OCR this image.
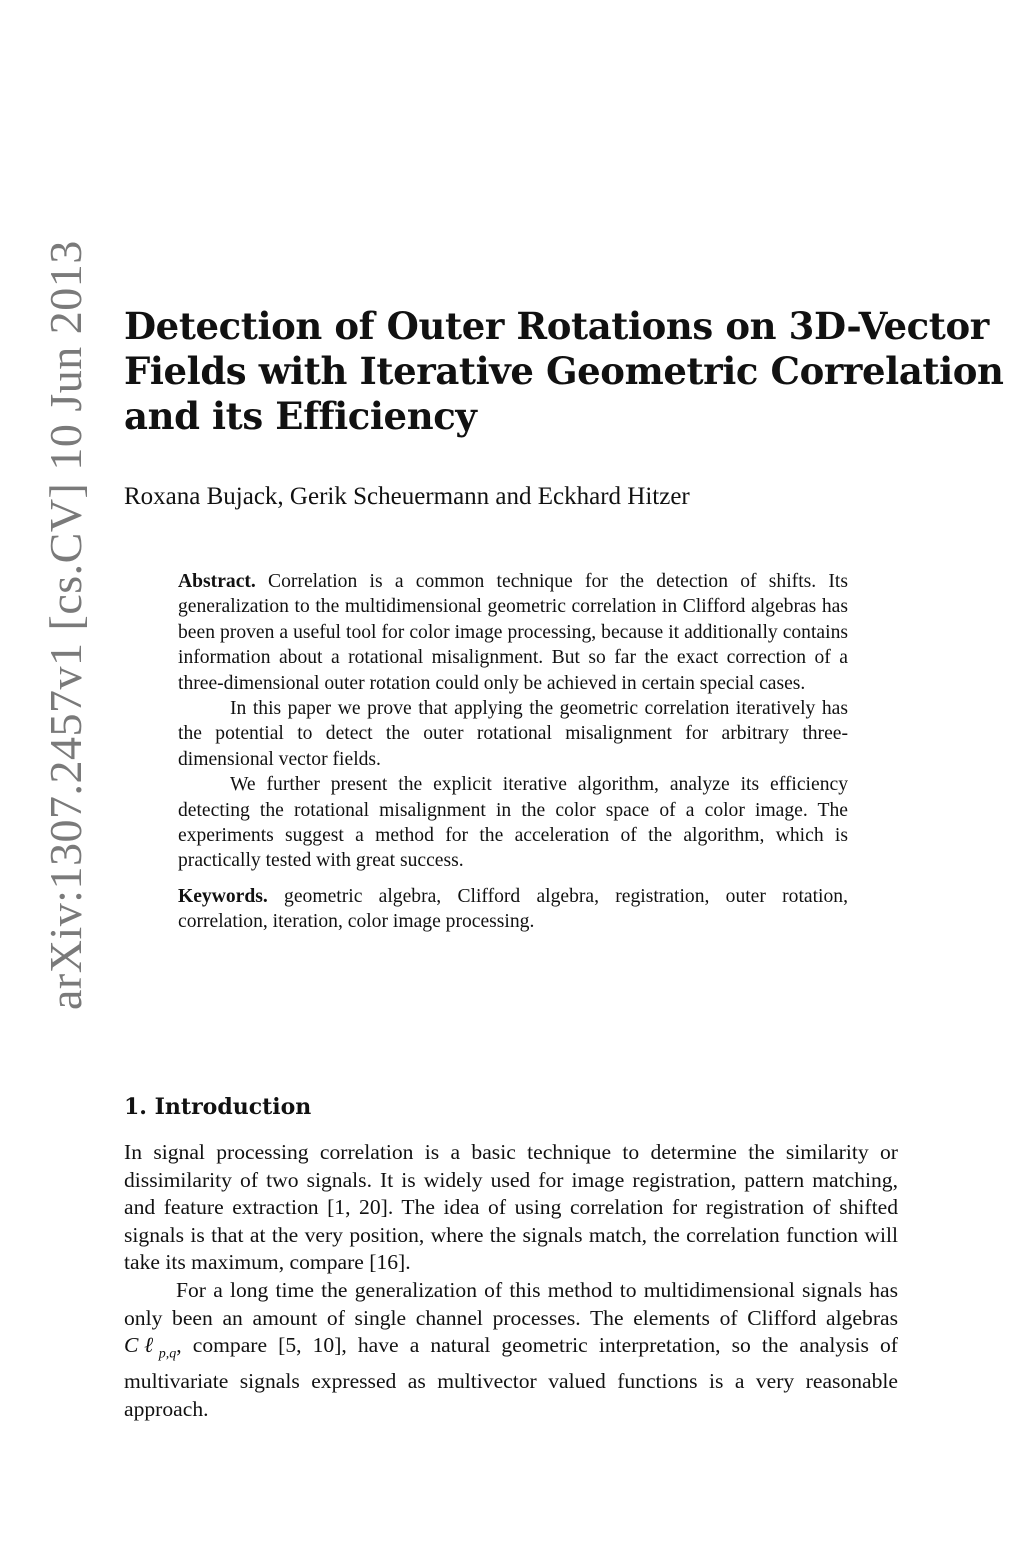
arXiv:1307.2457v1 [cs.CV] 10 Jun 2013 Detection of Outer Rotations on 3D-Vector
Fields with Iterative Geometric Correlation
and its Efficiency
Roxana Bujack, Gerik Scheuermann and Eckhard Hitzer

Abstract. Correlation is a common technique for the detection of shifts. Its generalization to the multidimensional geometric correlation in Clifford algebras has been proven a useful tool for color image processing, because it additionally contains information about a rotational misalignment. But so far the exact correction of a three-dimensional outer rotation could only be achieved in certain special cases.

In this paper we prove that applying the geometric correlation iteratively has the potential to detect the outer rotational misalignment for arbitrary three-dimensional vector fields.

We further present the explicit iterative algorithm, analyze its efficiency detecting the rotational misalignment in the color space of a color image. The experiments suggest a method for the acceleration of the algorithm, which is practically tested with great success.

Keywords. geometric algebra, Clifford algebra, registration, outer rotation, correlation, iteration, color image processing.

1. Introduction

In signal processing correlation is a basic technique to determine the similarity or dissimilarity of two signals. It is widely used for image registration, pattern matching, and feature extraction [1, 20]. The idea of using correlation for registration of shifted signals is that at the very position, where the signals match, the correlation function will take its maximum, compare [16].

For a long time the generalization of this method to multidimensional signals has only been an amount of single channel processes. The elements of Clifford algebras Cℓ$_{p,q}$, compare [5, 10], have a natural geometric interpretation, so the analysis of multivariate signals expressed as multivector valued functions is a very reasonable approach.
